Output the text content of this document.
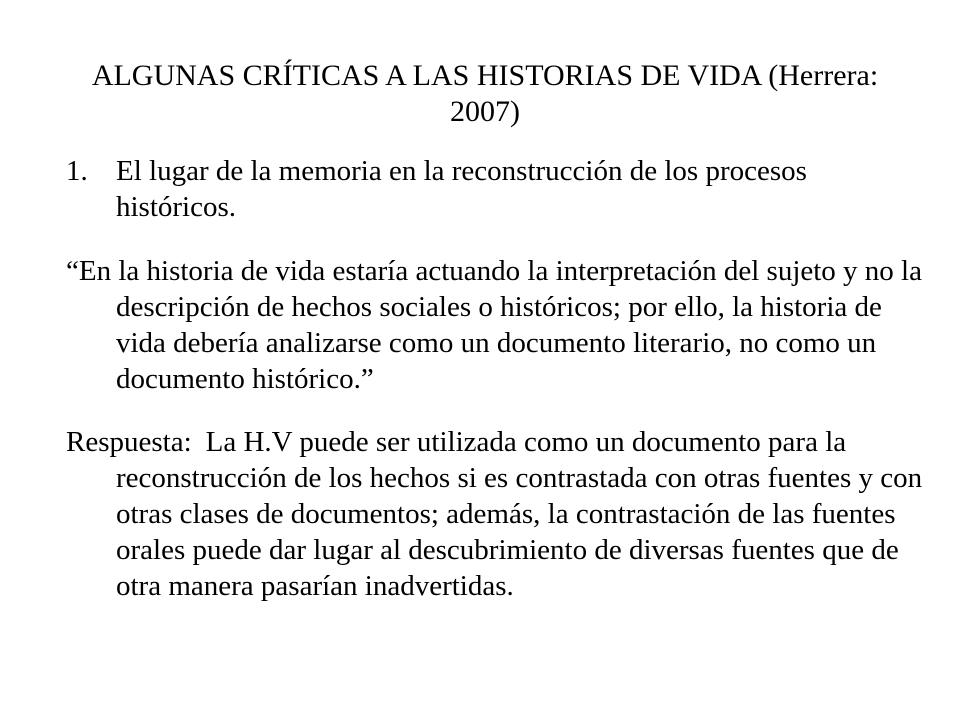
ALGUNAS CRÍTICAS A LAS HISTORIAS DE VIDA (Herrera: 2007)
1. El lugar de la memoria en la reconstrucción de los procesos históricos.
“En la historia de vida estaría actuando la interpretación del sujeto y no la descripción de hechos sociales o históricos; por ello, la historia de vida debería analizarse como un documento literario, no como un documento histórico.”
Respuesta: La H.V puede ser utilizada como un documento para la reconstrucción de los hechos si es contrastada con otras fuentes y con otras clases de documentos; además, la contrastación de las fuentes orales puede dar lugar al descubrimiento de diversas fuentes que de otra manera pasarían inadvertidas.
